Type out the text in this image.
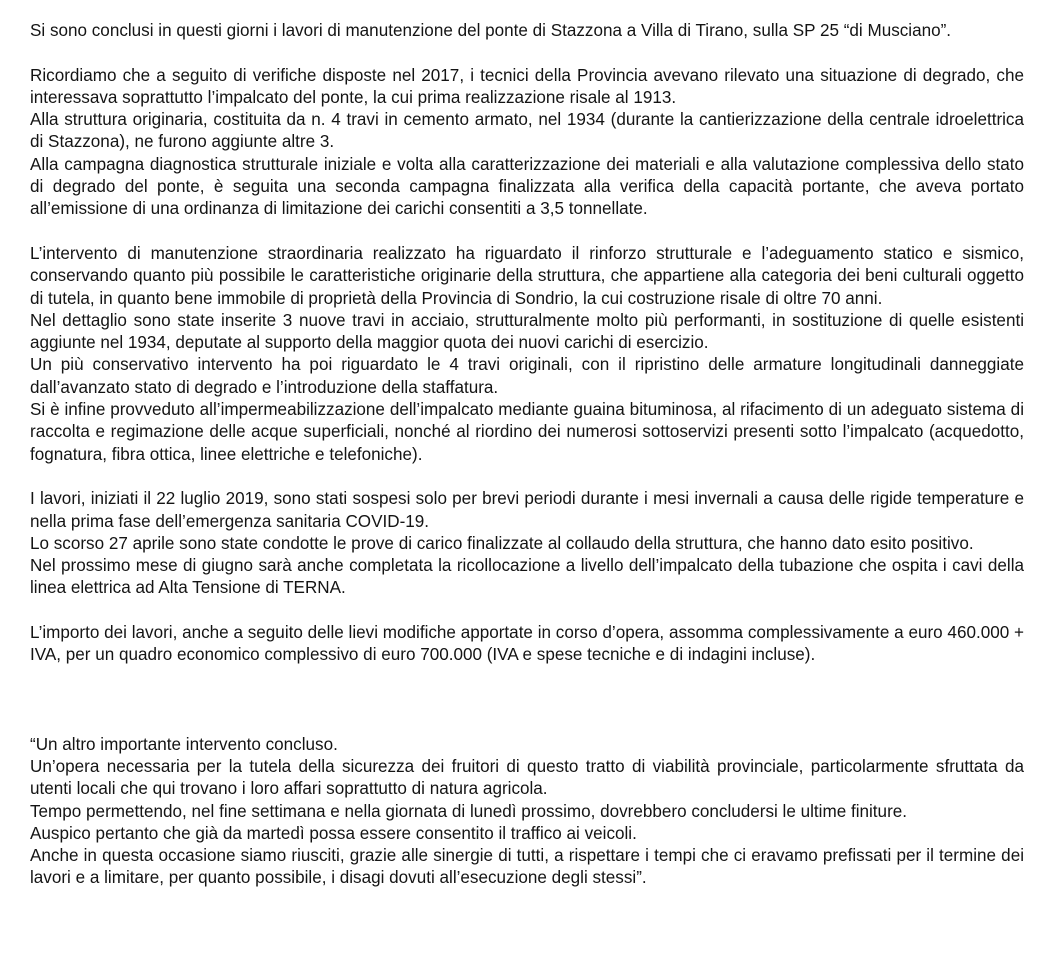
Si sono conclusi in questi giorni i lavori di manutenzione del ponte di Stazzona a Villa di Tirano, sulla SP 25 “di Musciano”.

Ricordiamo che a seguito di verifiche disposte nel 2017, i tecnici della Provincia avevano rilevato una situazione di degrado, che interessava soprattutto l’impalcato del ponte, la cui prima realizzazione risale al 1913.

Alla struttura originaria, costituita da n. 4 travi in cemento armato, nel 1934 (durante la cantierizzazione della centrale idroelettrica di Stazzona), ne furono aggiunte altre 3.

Alla campagna diagnostica strutturale iniziale e volta alla caratterizzazione dei materiali e alla valutazione complessiva dello stato di degrado del ponte, è seguita una seconda campagna finalizzata alla verifica della capacità portante, che aveva portato all’emissione di una ordinanza di limitazione dei carichi consentiti a 3,5 tonnellate.

L’intervento di manutenzione straordinaria realizzato ha riguardato il rinforzo strutturale e l’adeguamento statico e sismico, conservando quanto più possibile le caratteristiche originarie della struttura, che appartiene alla categoria dei beni culturali oggetto di tutela, in quanto bene immobile di proprietà della Provincia di Sondrio, la cui costruzione risale di oltre 70 anni.

Nel dettaglio sono state inserite 3 nuove travi in acciaio, strutturalmente molto più performanti, in sostituzione di quelle esistenti aggiunte nel 1934, deputate al supporto della maggior quota dei nuovi carichi di esercizio.

Un più conservativo intervento ha poi riguardato le 4 travi originali, con il ripristino delle armature longitudinali danneggiate dall’avanzato stato di degrado e l’introduzione della staffatura.

Si è infine provveduto all’impermeabilizzazione dell’impalcato mediante guaina bituminosa, al rifacimento di un adeguato sistema di raccolta e regimazione delle acque superficiali, nonché al riordino dei numerosi sottoservizi presenti sotto l’impalcato (acquedotto, fognatura, fibra ottica, linee elettriche e telefoniche).

I lavori, iniziati il 22 luglio 2019, sono stati sospesi solo per brevi periodi durante i mesi invernali a causa delle rigide temperature e nella prima fase dell’emergenza sanitaria COVID-19.

Lo scorso 27 aprile sono state condotte le prove di carico finalizzate al collaudo della struttura, che hanno dato esito positivo.

Nel prossimo mese di giugno sarà anche completata la ricollocazione a livello dell’impalcato della tubazione che ospita i cavi della linea elettrica ad Alta Tensione di TERNA.

L’importo dei lavori, anche a seguito delle lievi modifiche apportate in corso d’opera, assomma complessivamente a euro 460.000 + IVA, per un quadro economico complessivo di euro 700.000 (IVA e spese tecniche e di indagini incluse).

“Un altro importante intervento concluso.

Un’opera necessaria per la tutela della sicurezza dei fruitori di questo tratto di viabilità provinciale, particolarmente sfruttata da utenti locali che qui trovano i loro affari soprattutto di natura agricola.

Tempo permettendo, nel fine settimana e nella giornata di lunedì prossimo, dovrebbero concludersi le ultime finiture.

Auspico pertanto che già da martedì possa essere consentito il traffico ai veicoli.

Anche in questa occasione siamo riusciti, grazie alle sinergie di tutti, a rispettare i tempi che ci eravamo prefissati per il termine dei lavori e a limitare, per quanto possibile, i disagi dovuti all’esecuzione degli stessi”.
